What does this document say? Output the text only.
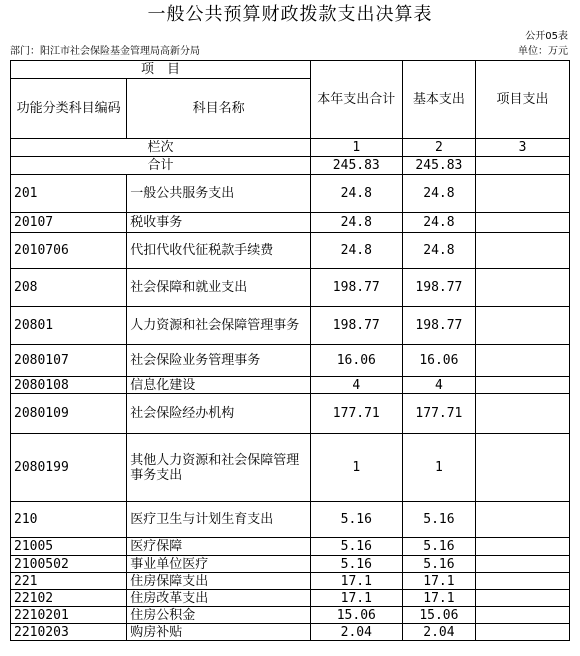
一般公共预算财政拨款支出决算表
公开05表
部门：阳江市社会保险基金管理局高新分局	单位：万元
项　目		本年支出合计	基本支出	项目支出
功能分类科目编码	科目名称			
栏次		1	2	3
合计		245.83	245.83	
201	一般公共服务支出	24.8	24.8	
20107	税收事务	24.8	24.8	
2010706	代扣代收代征税款手续费	24.8	24.8	
208	社会保障和就业支出	198.77	198.77	
20801	人力资源和社会保障管理事务	198.77	198.77	
2080107	社会保险业务管理事务	16.06	16.06	
2080108	信息化建设	4	4	
2080109	社会保险经办机构	177.71	177.71	
2080199	其他人力资源和社会保障管理事务支出	1	1	
210	医疗卫生与计划生育支出	5.16	5.16	
21005	医疗保障	5.16	5.16	
2100502	事业单位医疗	5.16	5.16	
221	住房保障支出	17.1	17.1	
22102	住房改革支出	17.1	17.1	
2210201	住房公积金	15.06	15.06	
2210203	购房补贴	2.04	2.04	
